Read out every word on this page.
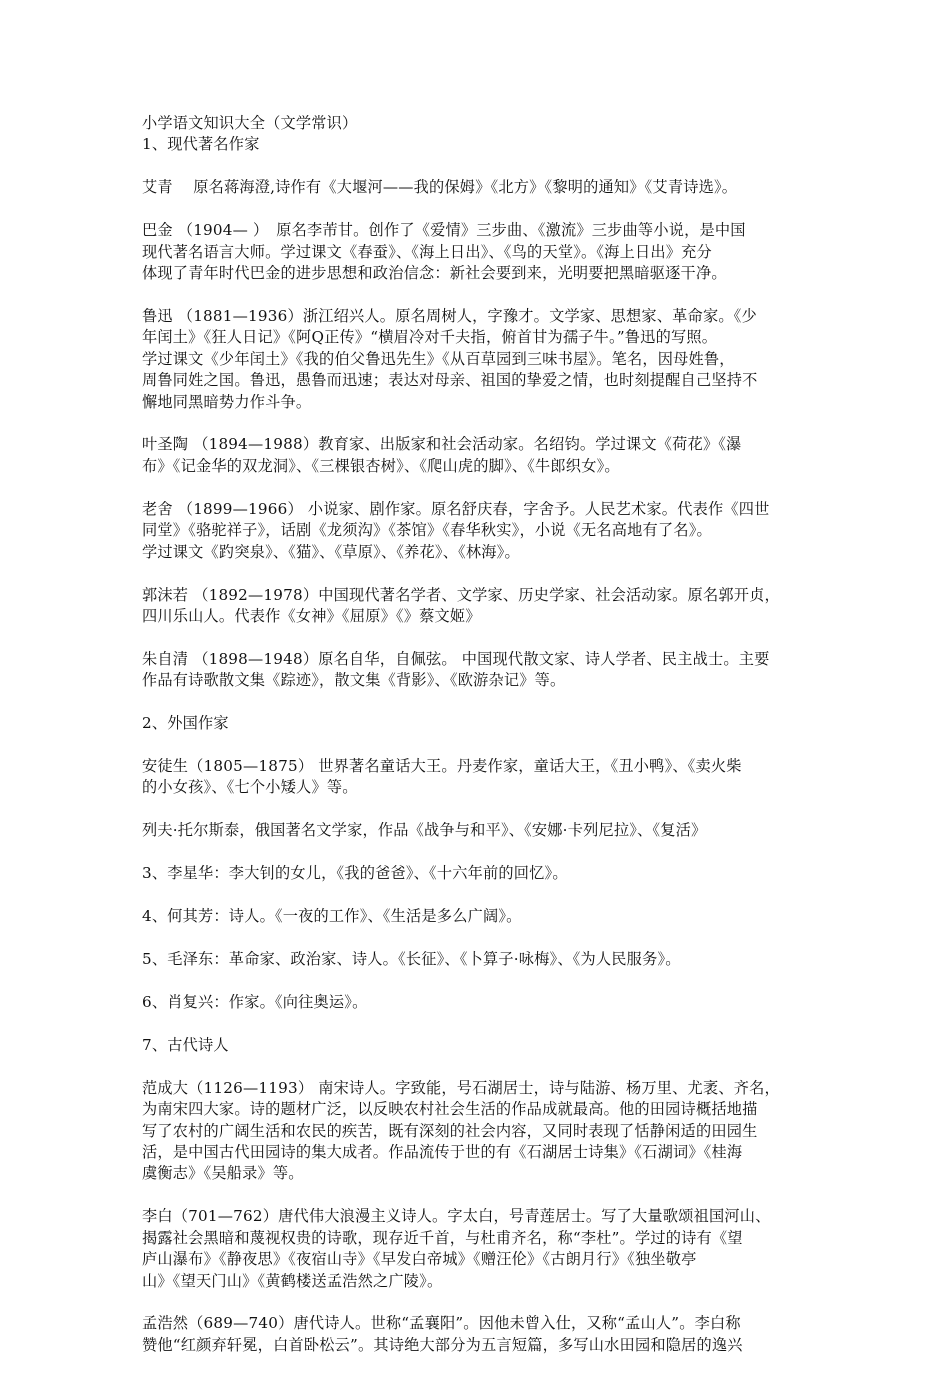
小学语文知识大全（文学常识）
1、现代著名作家
艾青　 原名蒋海澄,诗作有《大堰河——我的保姆》《北方》《黎明的通知》《艾青诗选》。
巴金 （1904— ）　原名李芾甘。创作了《爱情》三步曲、《激流》三步曲等小说，是中国
现代著名语言大师。学过课文《春蚕》、《海上日出》、《鸟的天堂》。《海上日出》充分
体现了青年时代巴金的进步思想和政治信念：新社会要到来，光明要把黑暗驱逐干净。
鲁迅 （1881—1936）浙江绍兴人。原名周树人，字豫才。文学家、思想家、革命家。《少
年闰土》《狂人日记》《阿Q正传》“横眉冷对千夫指，俯首甘为孺子牛。”鲁迅的写照。
学过课文《少年闰土》《我的伯父鲁迅先生》《从百草园到三味书屋》。笔名，因母姓鲁，
周鲁同姓之国。鲁迅，愚鲁而迅速；表达对母亲、祖国的挚爱之情，也时刻提醒自己坚持不
懈地同黑暗势力作斗争。
叶圣陶 （1894—1988）教育家、出版家和社会活动家。名绍钧。学过课文《荷花》《瀑
布》《记金华的双龙洞》、《三棵银杏树》、《爬山虎的脚》、《牛郎织女》。
老舍 （1899—1966） 小说家、剧作家。原名舒庆春，字舍予。人民艺术家。代表作《四世
同堂》《骆驼祥子》，话剧《龙须沟》《茶馆》《春华秋实》，小说《无名高地有了名》。
学过课文《趵突泉》、《猫》、《草原》、《养花》、《林海》。
郭沫若 （1892—1978）中国现代著名学者、文学家、历史学家、社会活动家。原名郭开贞，
四川乐山人。代表作《女神》《屈原》《》蔡文姬》
朱自清 （1898—1948）原名自华，自佩弦。 中国现代散文家、诗人学者、民主战士。主要
作品有诗歌散文集《踪迹》，散文集《背影》、《欧游杂记》等。
2、外国作家
安徒生（1805—1875） 世界著名童话大王。丹麦作家，童话大王，《丑小鸭》、《卖火柴
的小女孩》、《七个小矮人》等。
列夫·托尔斯泰，俄国著名文学家，作品《战争与和平》、《安娜·卡列尼拉》、《复活》
3、李星华：李大钊的女儿，《我的爸爸》、《十六年前的回忆》。
4、何其芳：诗人。《一夜的工作》、《生活是多么广阔》。
5、毛泽东：革命家、政治家、诗人。《长征》、《卜算子·咏梅》、《为人民服务》。
6、肖复兴：作家。《向往奥运》。
7、古代诗人
范成大（1126—1193） 南宋诗人。字致能，号石湖居士，诗与陆游、杨万里、尤袤、齐名，
为南宋四大家。诗的题材广泛，以反映农村社会生活的作品成就最高。他的田园诗概括地描
写了农村的广阔生活和农民的疾苦，既有深刻的社会内容，又同时表现了恬静闲适的田园生
活，是中国古代田园诗的集大成者。作品流传于世的有《石湖居士诗集》《石湖词》《桂海
虞衡志》《吴船录》等。
李白（701—762）唐代伟大浪漫主义诗人。字太白，号青莲居士。写了大量歌颂祖国河山、
揭露社会黑暗和蔑视权贵的诗歌，现存近千首，与杜甫齐名，称“李杜”。学过的诗有《望
庐山瀑布》《静夜思》《夜宿山寺》《早发白帝城》《赠汪伦》《古朗月行》《独坐敬亭
山》《望天门山》《黄鹤楼送孟浩然之广陵》。
孟浩然（689—740）唐代诗人。世称“孟襄阳”。因他未曾入仕，又称“孟山人”。李白称
赞他“红颜弃轩冕，白首卧松云”。其诗绝大部分为五言短篇，多写山水田园和隐居的逸兴
